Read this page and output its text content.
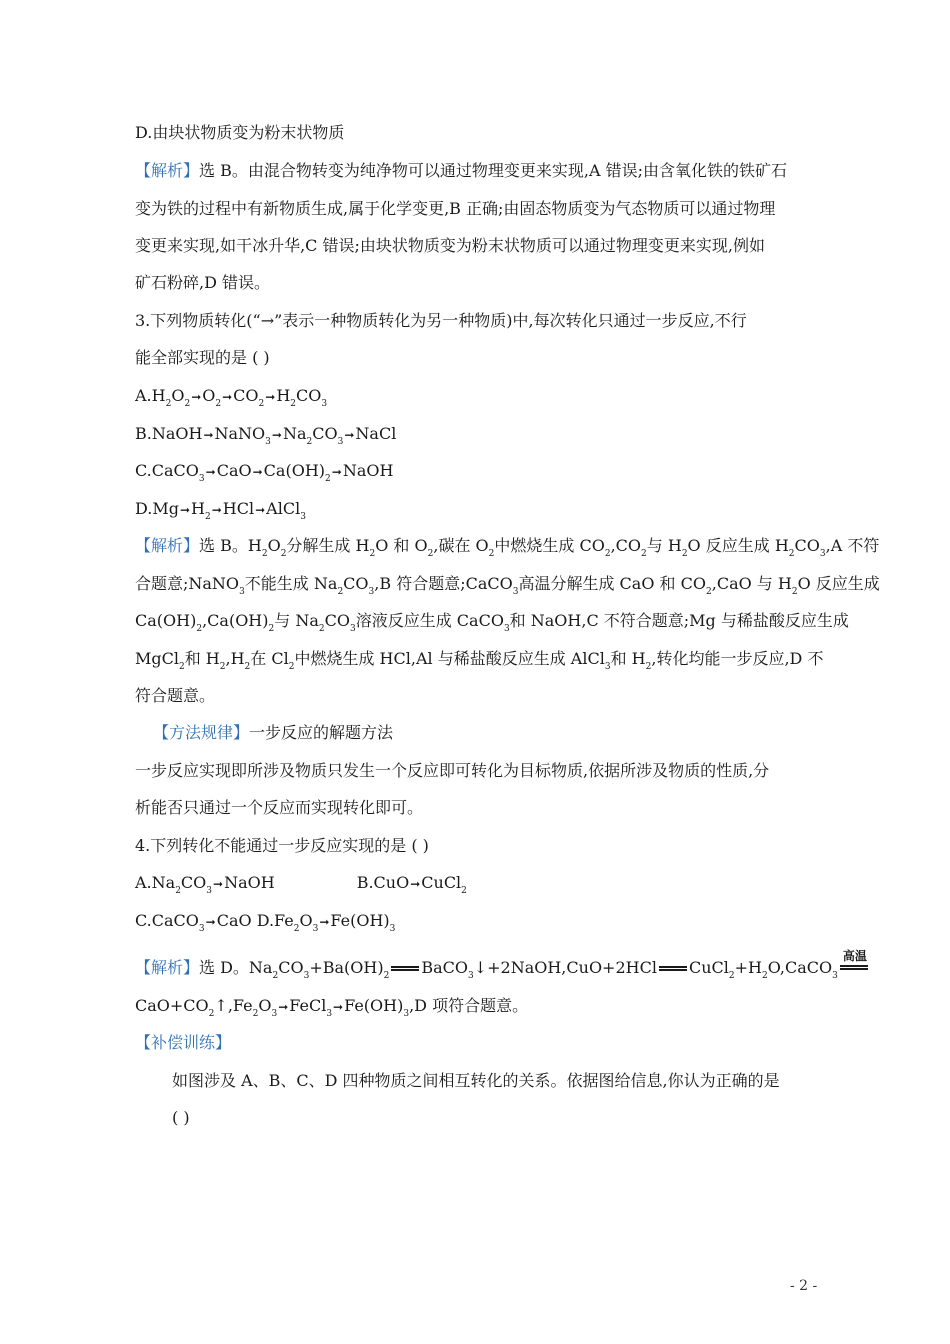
D.由块状物质变为粉末状物质
【解析】选 B。由混合物转变为纯净物可以通过物理变更来实现,A 错误;由含氧化铁的铁矿石
变为铁的过程中有新物质生成,属于化学变更,B 正确;由固态物质变为气态物质可以通过物理
变更来实现,如干冰升华,C 错误;由块状物质变为粉末状物质可以通过物理变更来实现,例如
矿石粉碎,D 错误。
3.下列物质转化(“→”表示一种物质转化为另一种物质)中,每次转化只通过一步反应,不行
能全部实现的是 ( )
$A.H_2O_2➞O_2➞CO_2➞H_2CO_3$
$B.NaOH➞NaNO_3➞Na_2CO_3➞NaCl$
$C.CaCO_3➞CaO➞Ca(OH)_2➞NaOH$
$D.Mg➞H_2➞HCl➞AlCl_3$
【解析】选 B。$H_2O_2$分解生成 $H_2O$ 和 $O_2$,碳在 $O_2$中燃烧生成 $CO_2,CO_2$与 $H_2O$ 反应生成 $H_2CO_3,A$ 不符
合题意;NaNO$_3$不能生成 $Na_2CO_3,B$ 符合题意;CaCO$_3$高温分解生成 CaO 和 $CO_2,CaO$ 与 $H_2O$ 反应生成
$Ca(OH)_2,Ca(OH)_2$与 $Na_2CO_3$溶液反应生成 CaCO$_3$和 NaOH,C 不符合题意;Mg 与稀盐酸反应生成
MgCl$_2$和 $H_2,H_2$在 $Cl_2$中燃烧生成 HCl,Al 与稀盐酸反应生成 AlCl$_3$和 $H_2$,转化均能一步反应,D 不
符合题意。
【方法规律】一步反应的解题方法
一步反应实现即所涉及物质只发生一个反应即可转化为目标物质,依据所涉及物质的性质,分
析能否只通过一个反应而实现转化即可。
4.下列转化不能通过一步反应实现的是 ( )
$A.Na_2CO_3➞NaOH$	B.CuO➞CuCl$_2$
C.CaCO$_3$➞CaO $D.Fe_2O_3➞Fe(OH)_3$
【解析】选 D。$Na_2CO_3+Ba(OH)_2$ BaCO$_3$↓+2NaOH,CuO+2HCl $CuCl_2+H_2O,CaCO_3$
高温
$CaO+CO_2↑,Fe_2O_3➞FeCl_3➞Fe(OH)_3,D$ 项符合题意。
【补偿训练】
如图涉及 A、B、C、D 四种物质之间相互转化的关系。依据图给信息,你认为正确的是
( )
- 2 -
